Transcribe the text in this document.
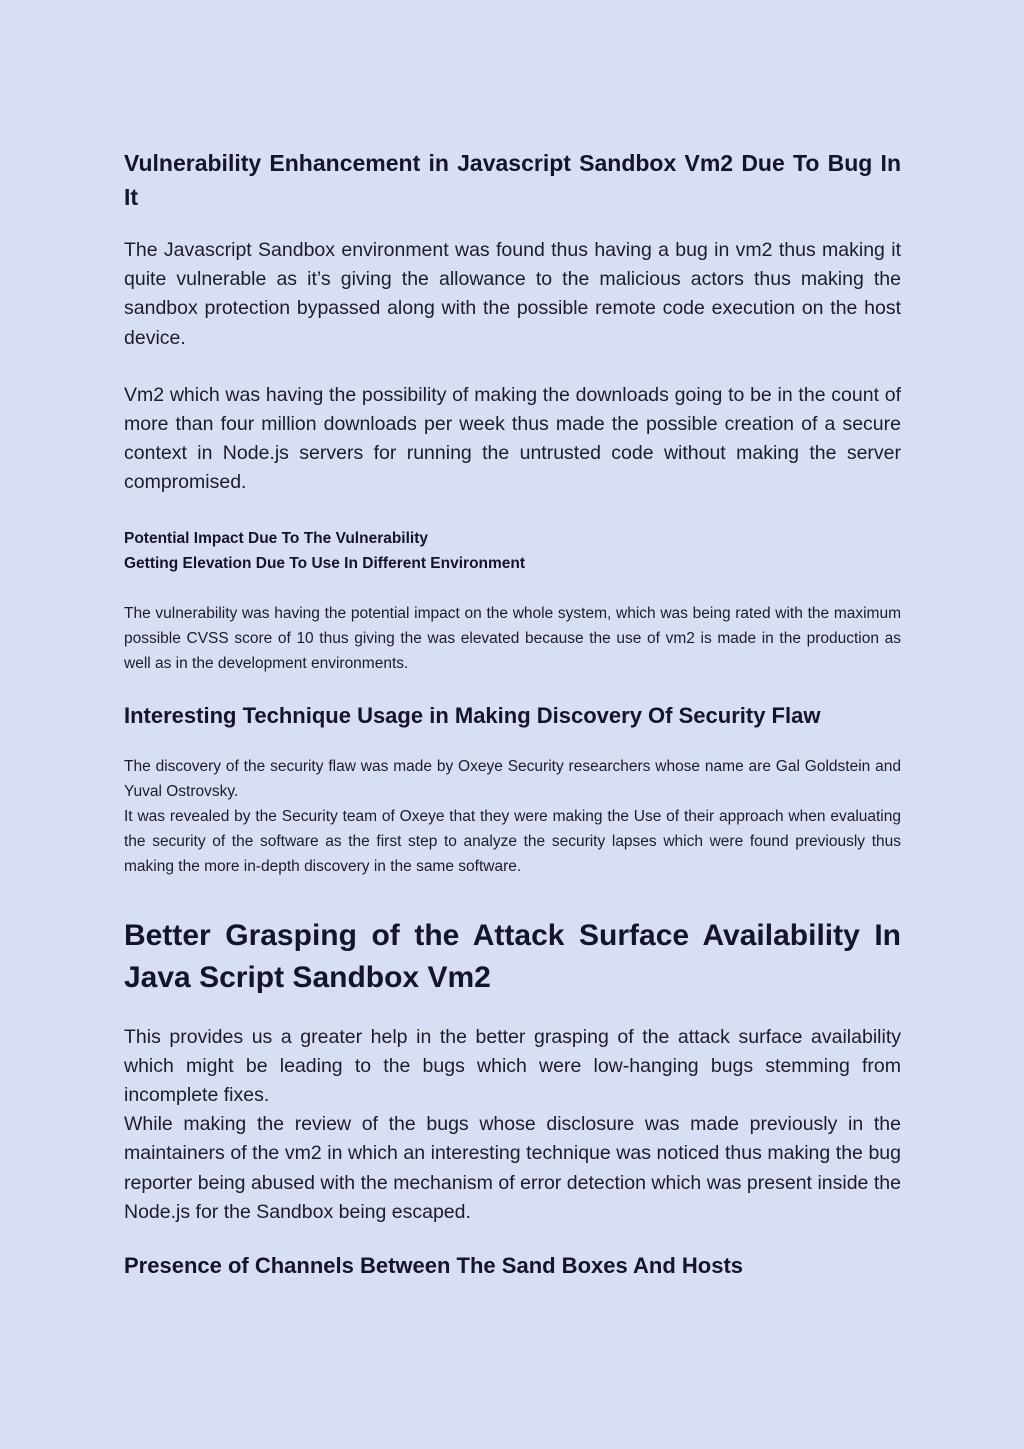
Vulnerability Enhancement in Javascript Sandbox Vm2 Due To Bug In It

The Javascript Sandbox environment was found thus having a bug in vm2 thus making it quite vulnerable as it’s giving the allowance to the malicious actors thus making the sandbox protection bypassed along with the possible remote code execution on the host device.

Vm2 which was having the possibility of making the downloads going to be in the count of more than four million downloads per week thus made the possible creation of a secure context in Node.js servers for running the untrusted code without making the server compromised.

Potential Impact Due To The Vulnerability
Getting Elevation Due To Use In Different Environment

The vulnerability was having the potential impact on the whole system, which was being rated with the maximum possible CVSS score of 10 thus giving the was elevated because the use of vm2 is made in the production as well as in the development environments.

Interesting Technique Usage in Making Discovery Of Security Flaw

The discovery of the security flaw was made by Oxeye Security researchers whose name are Gal Goldstein and Yuval Ostrovsky.

It was revealed by the Security team of Oxeye that they were making the Use of their approach when evaluating the security of the software as the first step to analyze the security lapses which were found previously thus making the more in-depth discovery in the same software.

Better Grasping of the Attack Surface Availability In Java Script Sandbox Vm2

This provides us a greater help in the better grasping of the attack surface availability which might be leading to the bugs which were low-hanging bugs stemming from incomplete fixes.

While making the review of the bugs whose disclosure was made previously in the maintainers of the vm2 in which an interesting technique was noticed thus making the bug reporter being abused with the mechanism of error detection which was present inside the Node.js for the Sandbox being escaped.

Presence of Channels Between The Sand Boxes And Hosts
